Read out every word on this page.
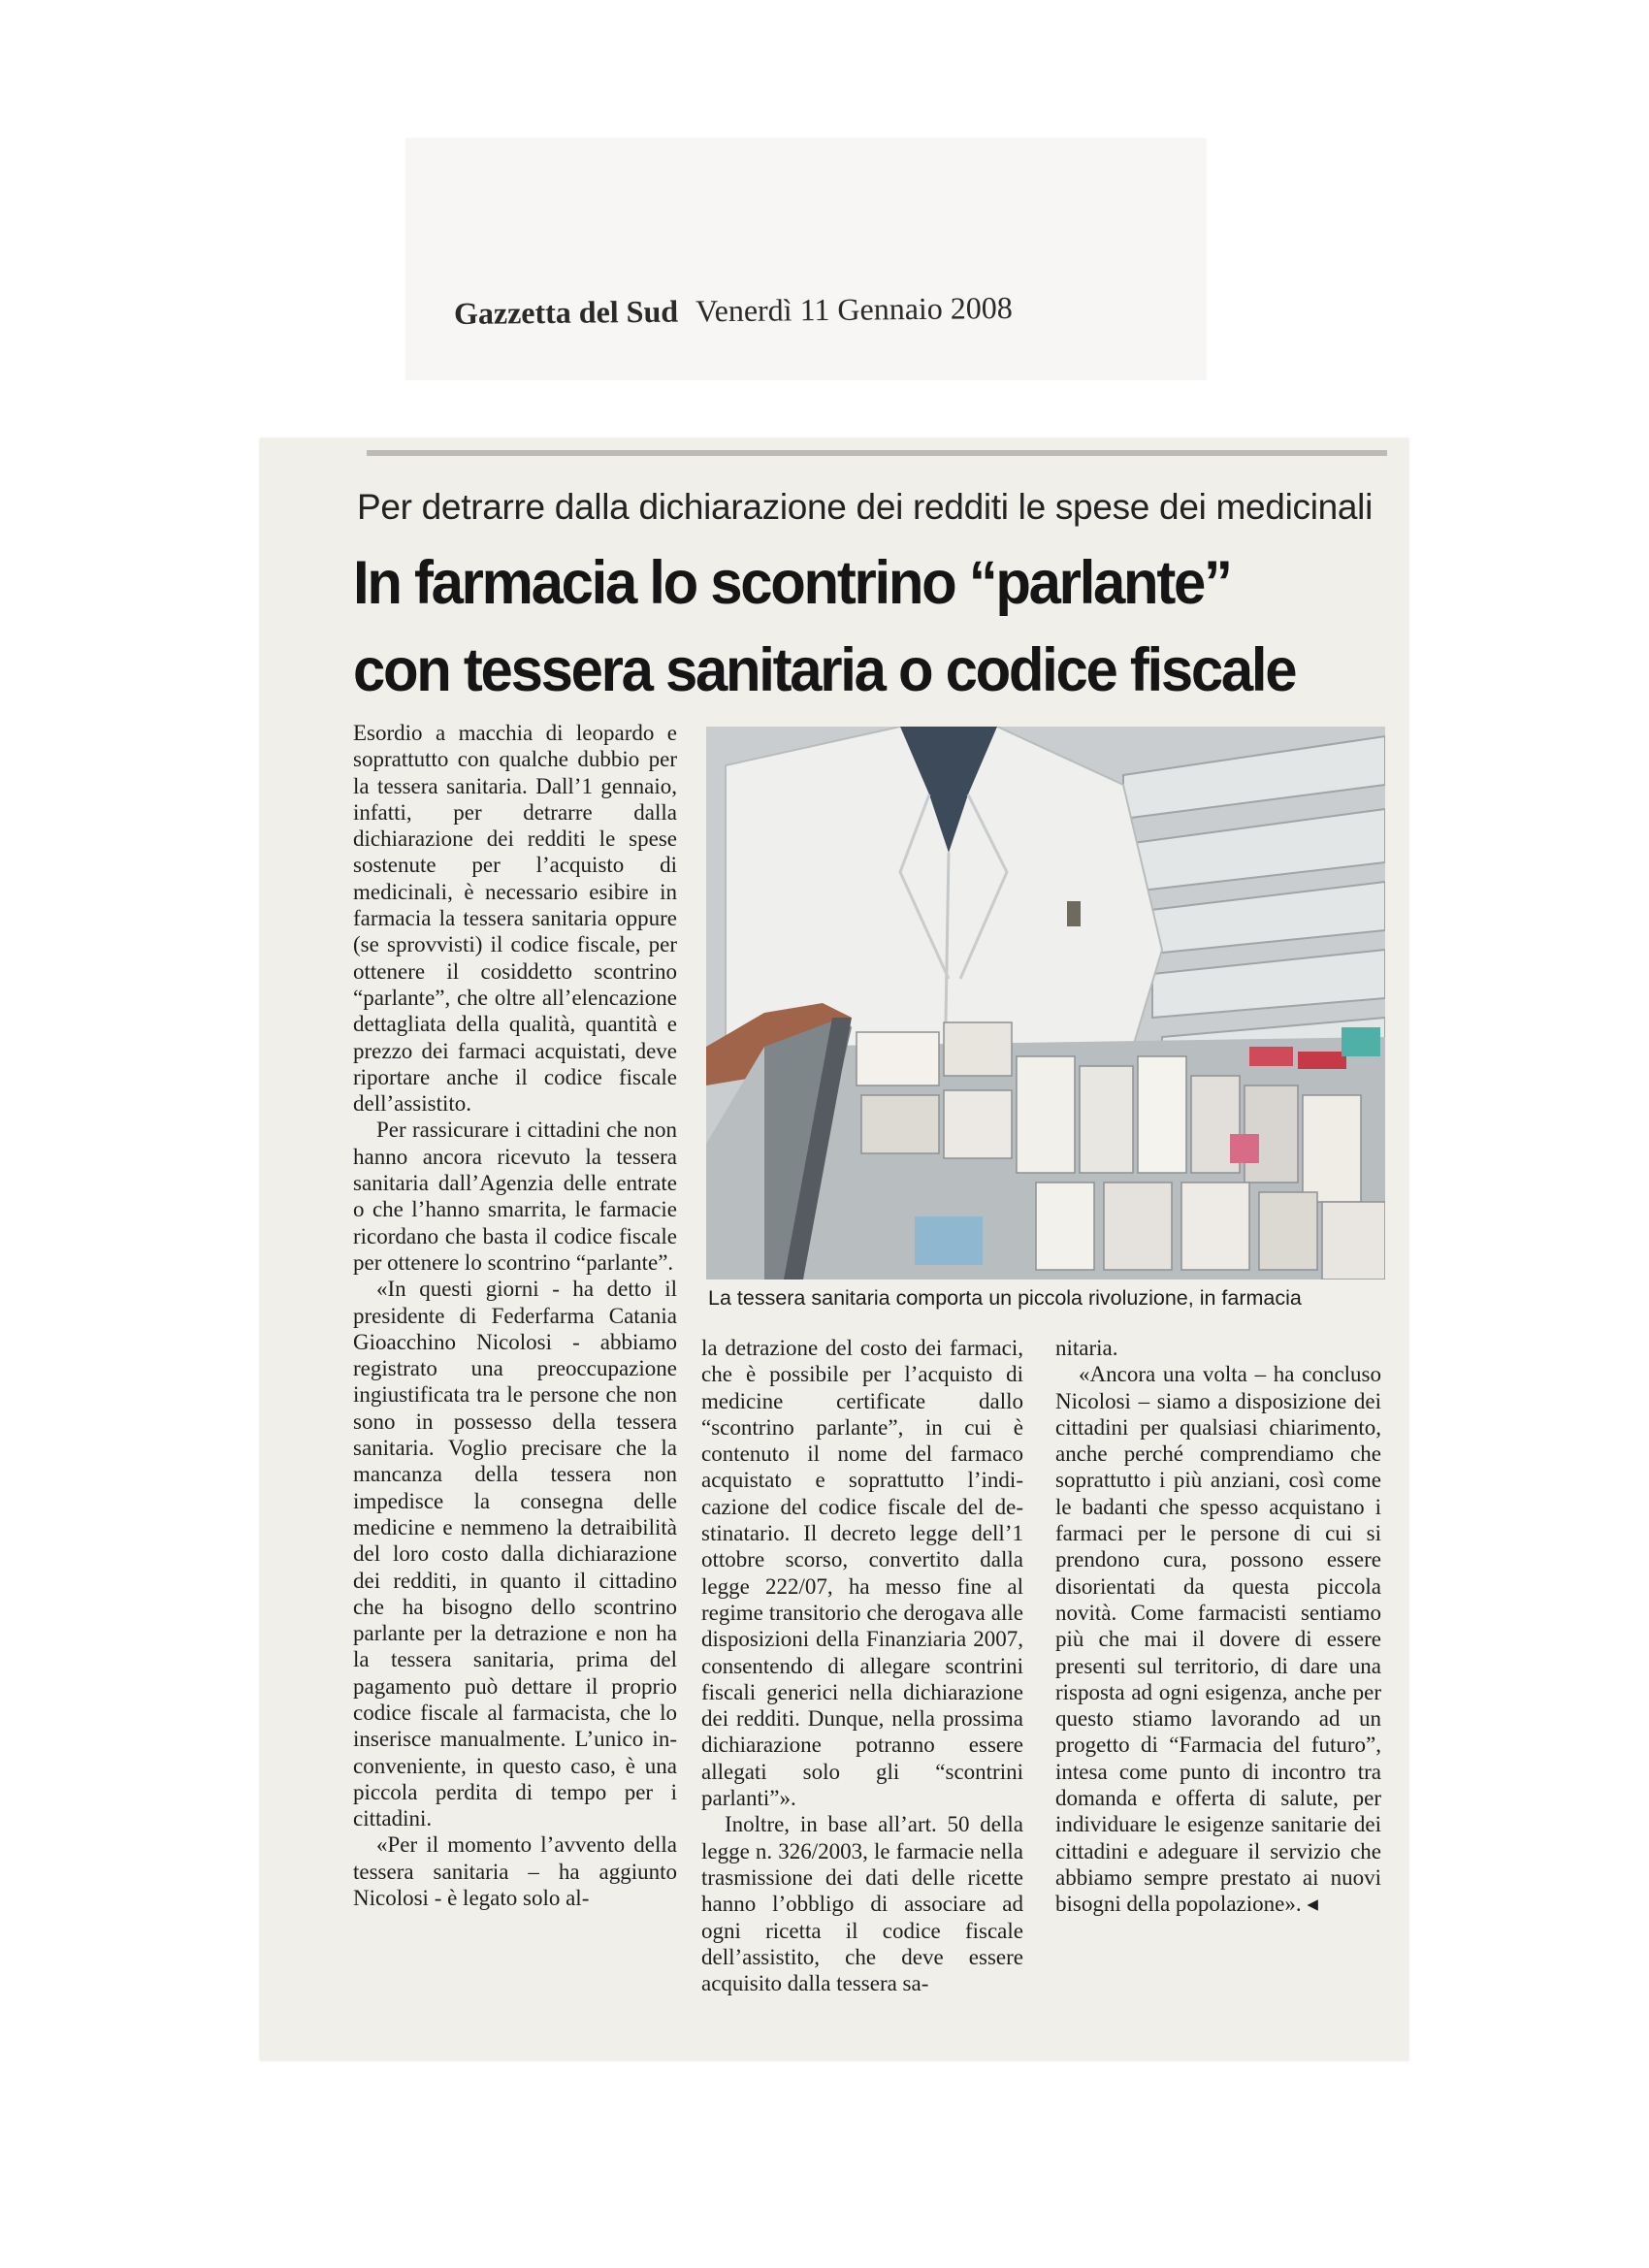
Gazzetta del Sud Venerdì 11 Gennaio 2008
Per detrarre dalla dichiarazione dei redditi le spese dei medicinali
In farmacia lo scontrino “parlante”
con tessera sanitaria o codice fiscale

Esordio a macchia di leopardo e soprattutto con qualche dubbio per la tessera sanitaria. Dall’1 gennaio, infatti, per detrarre dalla dichiarazione dei redditi le spese sostenute per l’acquisto di medicinali, è necessario esibire in farmacia la tessera sanitaria oppure (se sprovvisti) il codice fiscale, per ottenere il cosiddetto scontrino “parlante”, che oltre all’elencazione dettagliata della qualità, quantità e prezzo dei farmaci acquistati, deve riportare anche il codice fiscale dell’assistito.

Per rassicurare i cittadini che non hanno ancora ricevuto la tessera sanitaria dall’Agenzia delle entrate o che l’hanno smarrita, le farmacie ricordano che basta il codice fiscale per ottenere lo scontrino “parlante”.

«In questi giorni - ha detto il presidente di Federfarma Catania Gioacchino Nicolosi - abbiamo registrato una preoccupazione ingiustificata tra le persone che non sono in possesso della tessera sanitaria. Voglio precisare che la mancanza della tessera non impedisce la consegna delle medicine e nemmeno la detraibilità del loro costo dalla dichiarazione dei redditi, in quanto il cittadino che ha bisogno dello scontrino parlante per la detrazione e non ha la tessera sanitaria, prima del pagamento può dettare il proprio codice fiscale al farmacista, che lo inserisce manualmente. L’unico inconveniente, in questo caso, è una piccola perdita di tempo per i cittadini.

«Per il momento l’avvento della tessera sanitaria – ha aggiunto Nicolosi - è legato solo al-

La tessera sanitaria comporta un piccola rivoluzione, in farmacia

la detrazione del costo dei farmaci, che è possibile per l’acquisto di medicine certificate dallo “scontrino parlante”, in cui è contenuto il nome del farmaco acquistato e soprattutto l’indicazione del codice fiscale del destinatario. Il decreto legge dell’1 ottobre scorso, convertito dalla legge 222/07, ha messo fine al regime transitorio che derogava alle disposizioni della Finanziaria 2007, consentendo di allegare scontrini fiscali generici nella dichiarazione dei redditi. Dunque, nella prossima dichiarazione potranno essere allegati solo gli “scontrini parlanti”».

Inoltre, in base all’art. 50 della legge n. 326/2003, le farmacie nella trasmissione dei dati delle ricette hanno l’obbligo di associare ad ogni ricetta il codice fiscale dell’assistito, che deve essere acquisito dalla tessera sa-

nitaria.

«Ancora una volta – ha concluso Nicolosi – siamo a disposizione dei cittadini per qualsiasi chiarimento, anche perché comprendiamo che soprattutto i più anziani, così come le badanti che spesso acquistano i farmaci per le persone di cui si prendono cura, possono essere disorientati da questa piccola novità. Come farmacisti sentiamo più che mai il dovere di essere presenti sul territorio, di dare una risposta ad ogni esigenza, anche per questo stiamo lavorando ad un progetto di “Farmacia del futuro”, intesa come punto di incontro tra domanda e offerta di salute, per individuare le esigenze sanitarie dei cittadini e adeguare il servizio che abbiamo sempre prestato ai nuovi bisogni della popolazione». ◂
